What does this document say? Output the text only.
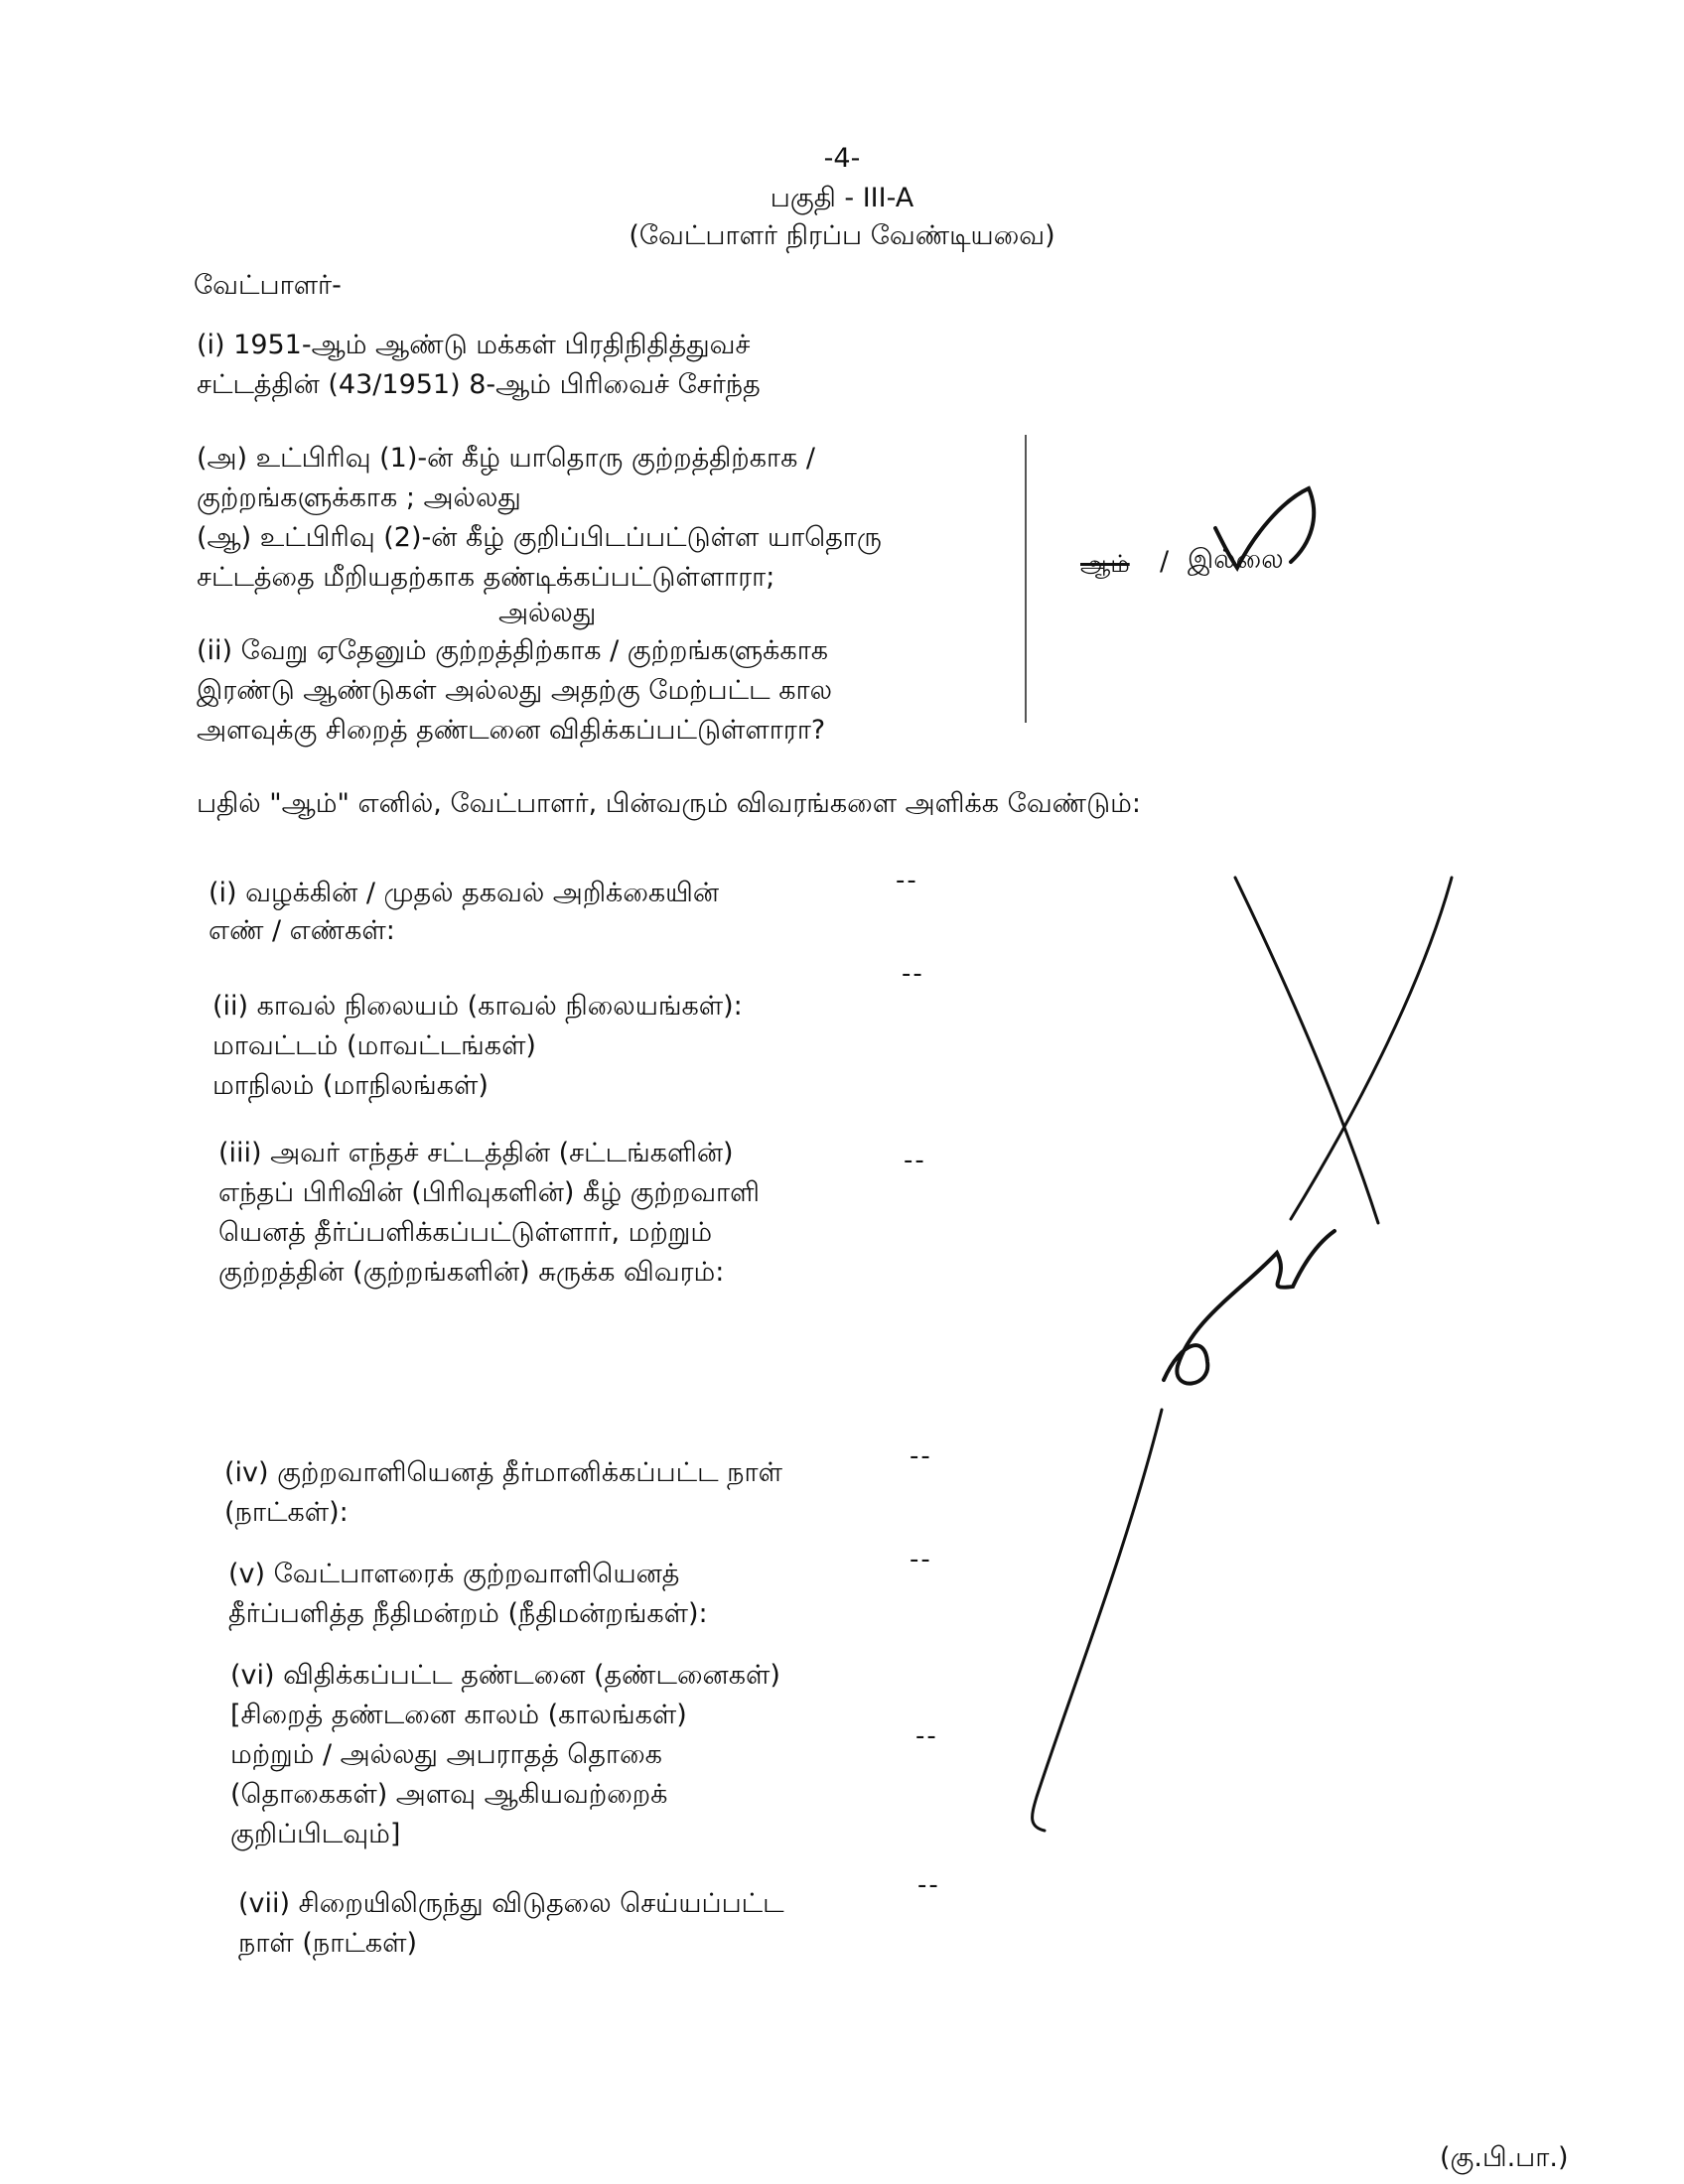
-4-
பகுதி - III-A
(வேட்பாளர் நிரப்ப வேண்டியவை)
வேட்பாளர்-
(i) 1951-ஆம் ஆண்டு மக்கள் பிரதிநிதித்துவச்
சட்டத்தின் (43/1951) 8-ஆம் பிரிவைச் சேர்ந்த
(அ) உட்பிரிவு (1)-ன் கீழ் யாதொரு குற்றத்திற்காக /
குற்றங்களுக்காக ; அல்லது
(ஆ) உட்பிரிவு (2)-ன் கீழ் குறிப்பிடப்பட்டுள்ள யாதொரு
சட்டத்தை மீறியதற்காக தண்டிக்கப்பட்டுள்ளாரா;
அல்லது
(ii) வேறு ஏதேனும் குற்றத்திற்காக / குற்றங்களுக்காக
இரண்டு ஆண்டுகள் அல்லது அதற்கு மேற்பட்ட கால
அளவுக்கு சிறைத் தண்டனை விதிக்கப்பட்டுள்ளாரா?
ஆம் / இல்லை
பதில் "ஆம்" எனில், வேட்பாளர், பின்வரும் விவரங்களை அளிக்க வேண்டும்:
(i) வழக்கின் / முதல் தகவல் அறிக்கையின்
எண் / எண்கள்:
--
(ii) காவல் நிலையம் (காவல் நிலையங்கள்):
மாவட்டம் (மாவட்டங்கள்)
மாநிலம் (மாநிலங்கள்)
--
(iii) அவர் எந்தச் சட்டத்தின் (சட்டங்களின்)
எந்தப் பிரிவின் (பிரிவுகளின்) கீழ் குற்றவாளி
யெனத் தீர்ப்பளிக்கப்பட்டுள்ளார், மற்றும்
குற்றத்தின் (குற்றங்களின்) சுருக்க விவரம்:
--
(iv) குற்றவாளியெனத் தீர்மானிக்கப்பட்ட நாள்
(நாட்கள்):
--
(v) வேட்பாளரைக் குற்றவாளியெனத்
தீர்ப்பளித்த நீதிமன்றம் (நீதிமன்றங்கள்):
--
(vi) விதிக்கப்பட்ட தண்டனை (தண்டனைகள்)
[சிறைத் தண்டனை காலம் (காலங்கள்)
மற்றும் / அல்லது அபராதத் தொகை
(தொகைகள்) அளவு ஆகியவற்றைக்
குறிப்பிடவும்]
--
(vii) சிறையிலிருந்து விடுதலை செய்யப்பட்ட
நாள் (நாட்கள்)
--
(கு.பி.பா.)
